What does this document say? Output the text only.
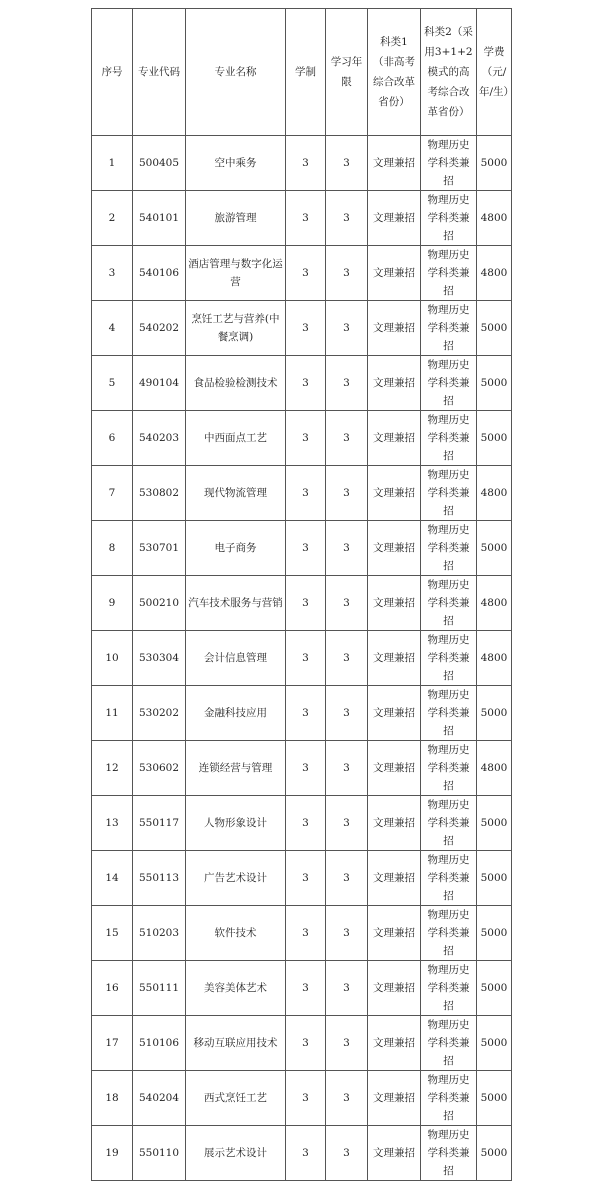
序号	专业代码	专业名称	学制	学习年限	科类1（非高考综合改革省份）	科类2（采用3+1+2模式的高考综合改革省份）	学费（元/年/生）
1	500405	空中乘务	3	3	文理兼招	物理历史学科类兼招	5000
2	540101	旅游管理	3	3	文理兼招	物理历史学科类兼招	4800
3	540106	酒店管理与数字化运营	3	3	文理兼招	物理历史学科类兼招	4800
4	540202	烹饪工艺与营养(中餐烹调)	3	3	文理兼招	物理历史学科类兼招	5000
5	490104	食品检验检测技术	3	3	文理兼招	物理历史学科类兼招	5000
6	540203	中西面点工艺	3	3	文理兼招	物理历史学科类兼招	5000
7	530802	现代物流管理	3	3	文理兼招	物理历史学科类兼招	4800
8	530701	电子商务	3	3	文理兼招	物理历史学科类兼招	5000
9	500210	汽车技术服务与营销	3	3	文理兼招	物理历史学科类兼招	4800
10	530304	会计信息管理	3	3	文理兼招	物理历史学科类兼招	4800
11	530202	金融科技应用	3	3	文理兼招	物理历史学科类兼招	5000
12	530602	连锁经营与管理	3	3	文理兼招	物理历史学科类兼招	4800
13	550117	人物形象设计	3	3	文理兼招	物理历史学科类兼招	5000
14	550113	广告艺术设计	3	3	文理兼招	物理历史学科类兼招	5000
15	510203	软件技术	3	3	文理兼招	物理历史学科类兼招	5000
16	550111	美容美体艺术	3	3	文理兼招	物理历史学科类兼招	5000
17	510106	移动互联应用技术	3	3	文理兼招	物理历史学科类兼招	5000
18	540204	西式烹饪工艺	3	3	文理兼招	物理历史学科类兼招	5000
19	550110	展示艺术设计	3	3	文理兼招	物理历史学科类兼招	5000
